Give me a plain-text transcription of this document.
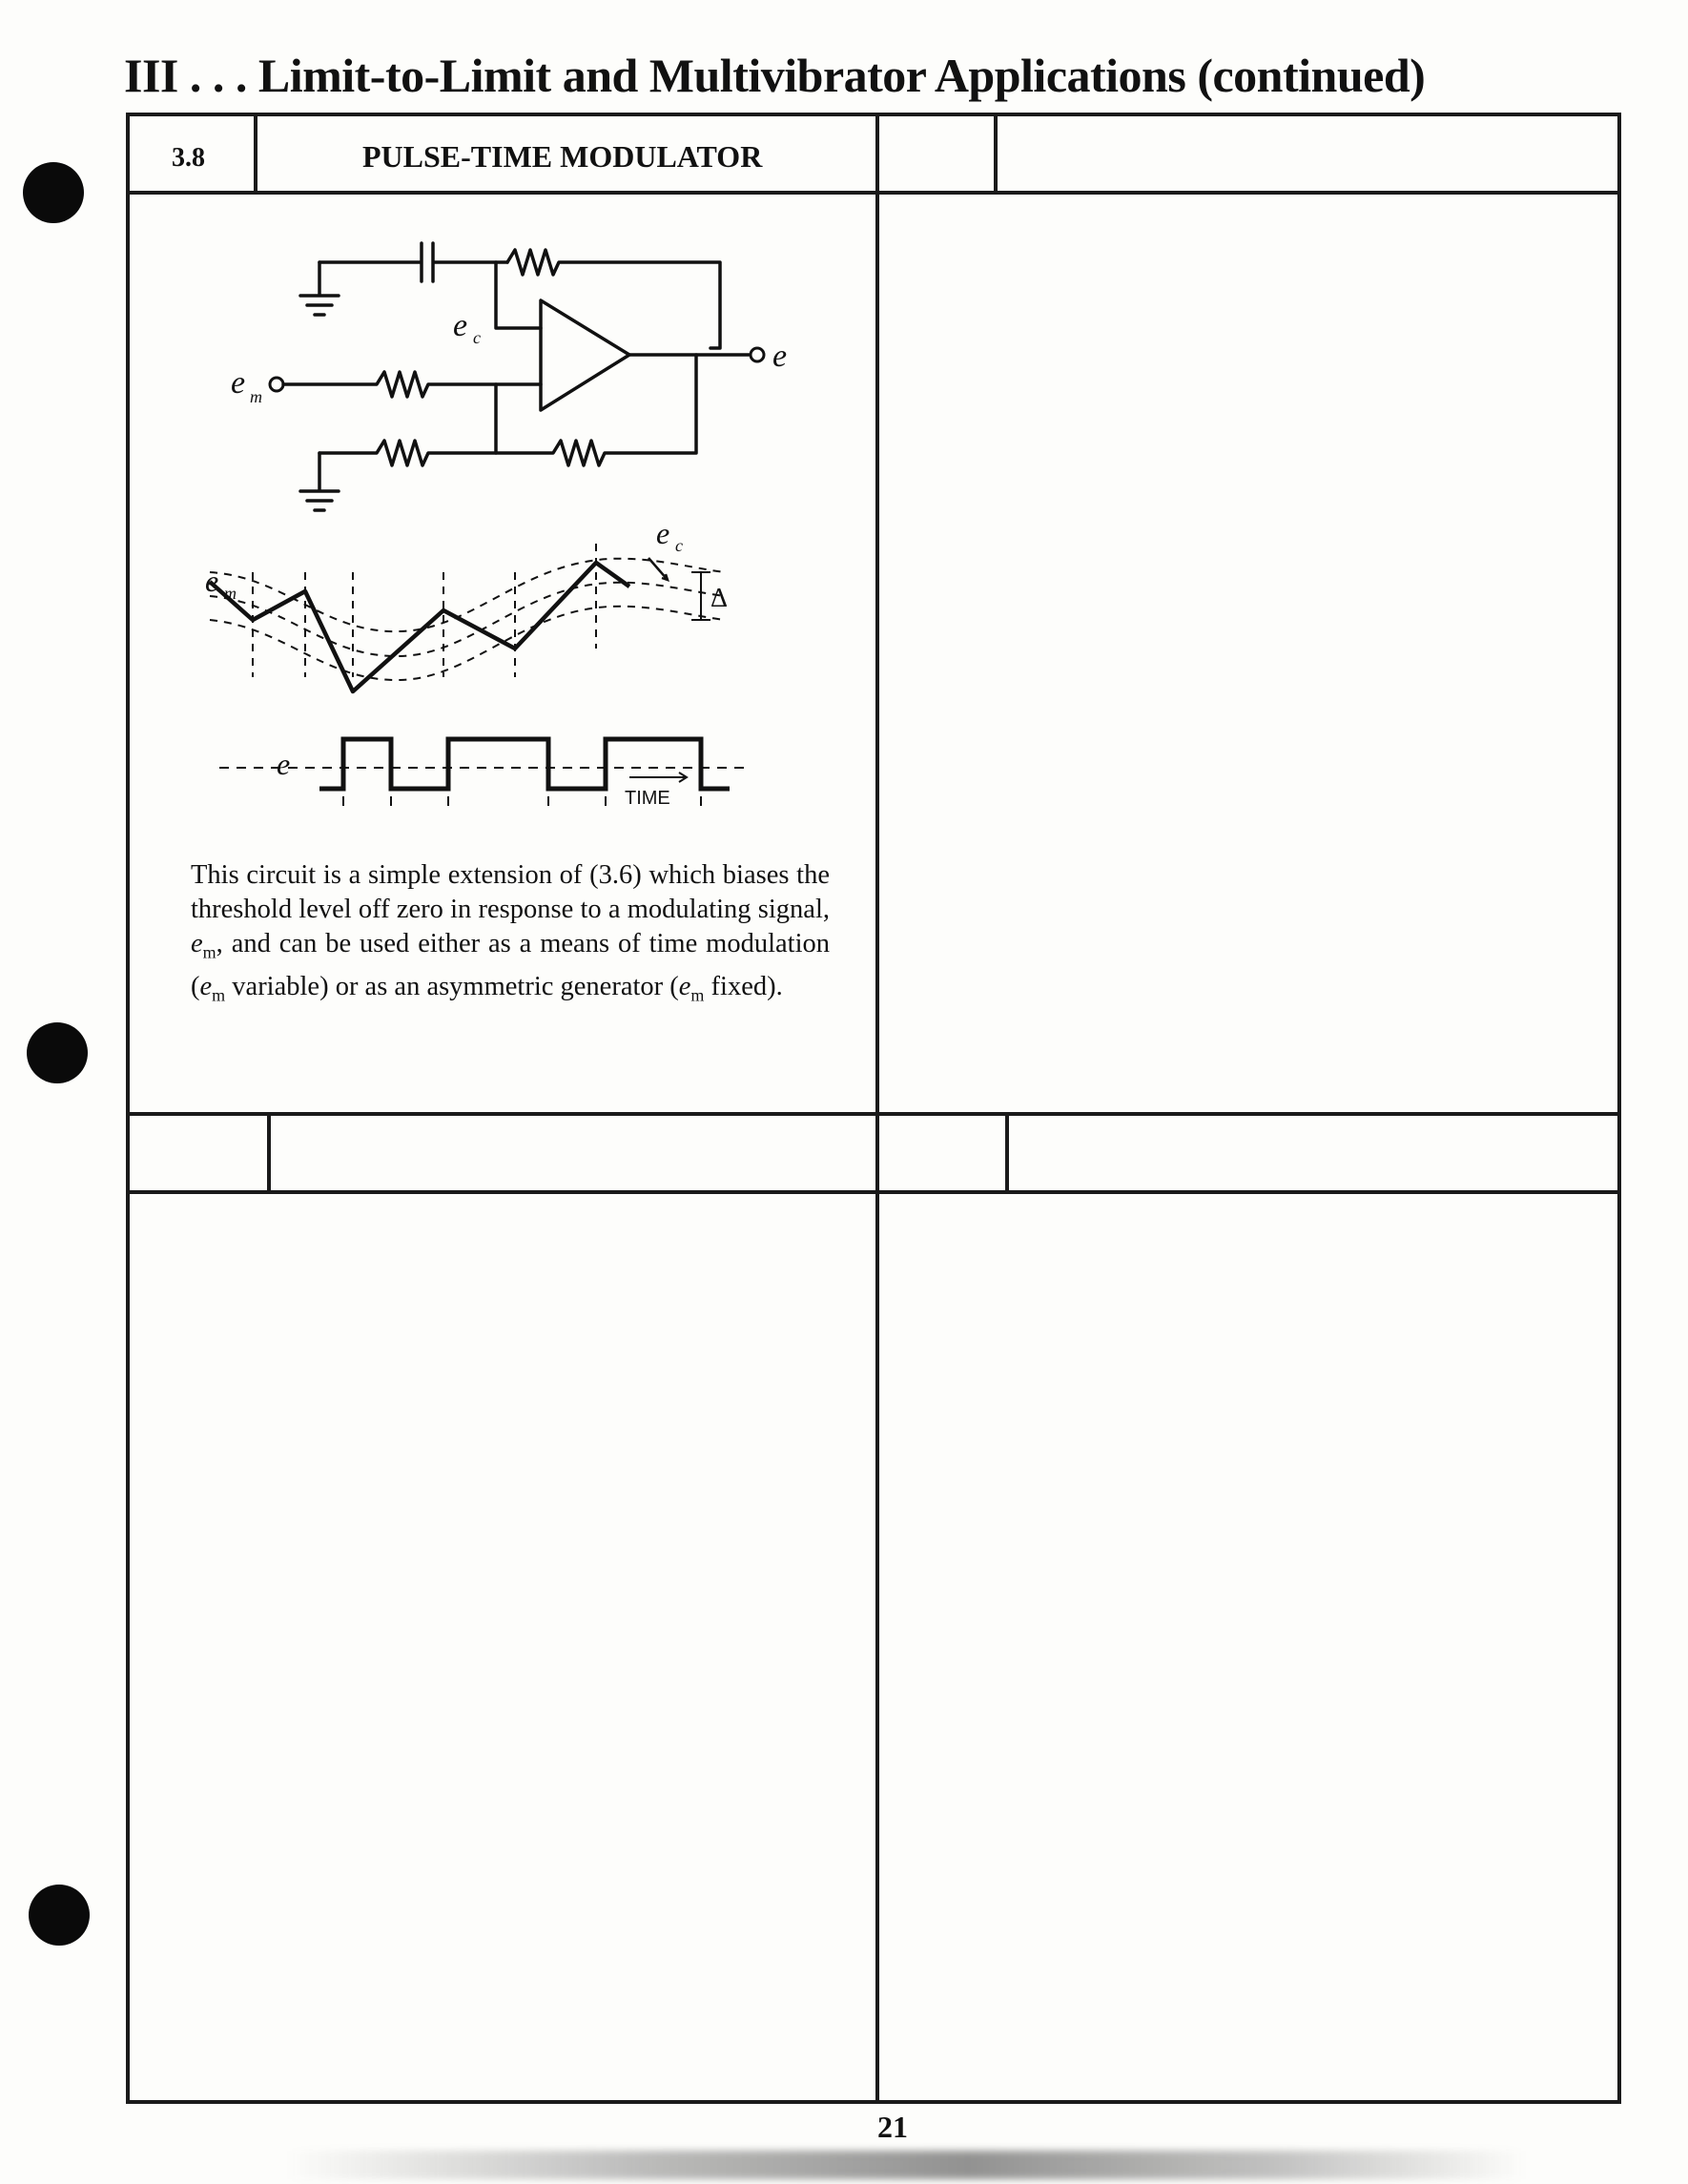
III . . . Limit-to-Limit and Multivibrator Applications (continued)
3.8	PULSE-TIME MODULATOR
e m
e
e c
e m
e c
Δ
e
TIME
This circuit is a simple extension of (3.6) which biases the threshold level off zero in response to a modulating signal, $e_m$, and can be used either as a means of time modulation ($e_m$ variable) or as an asymmetric generator ($e_m$ fixed).
21
